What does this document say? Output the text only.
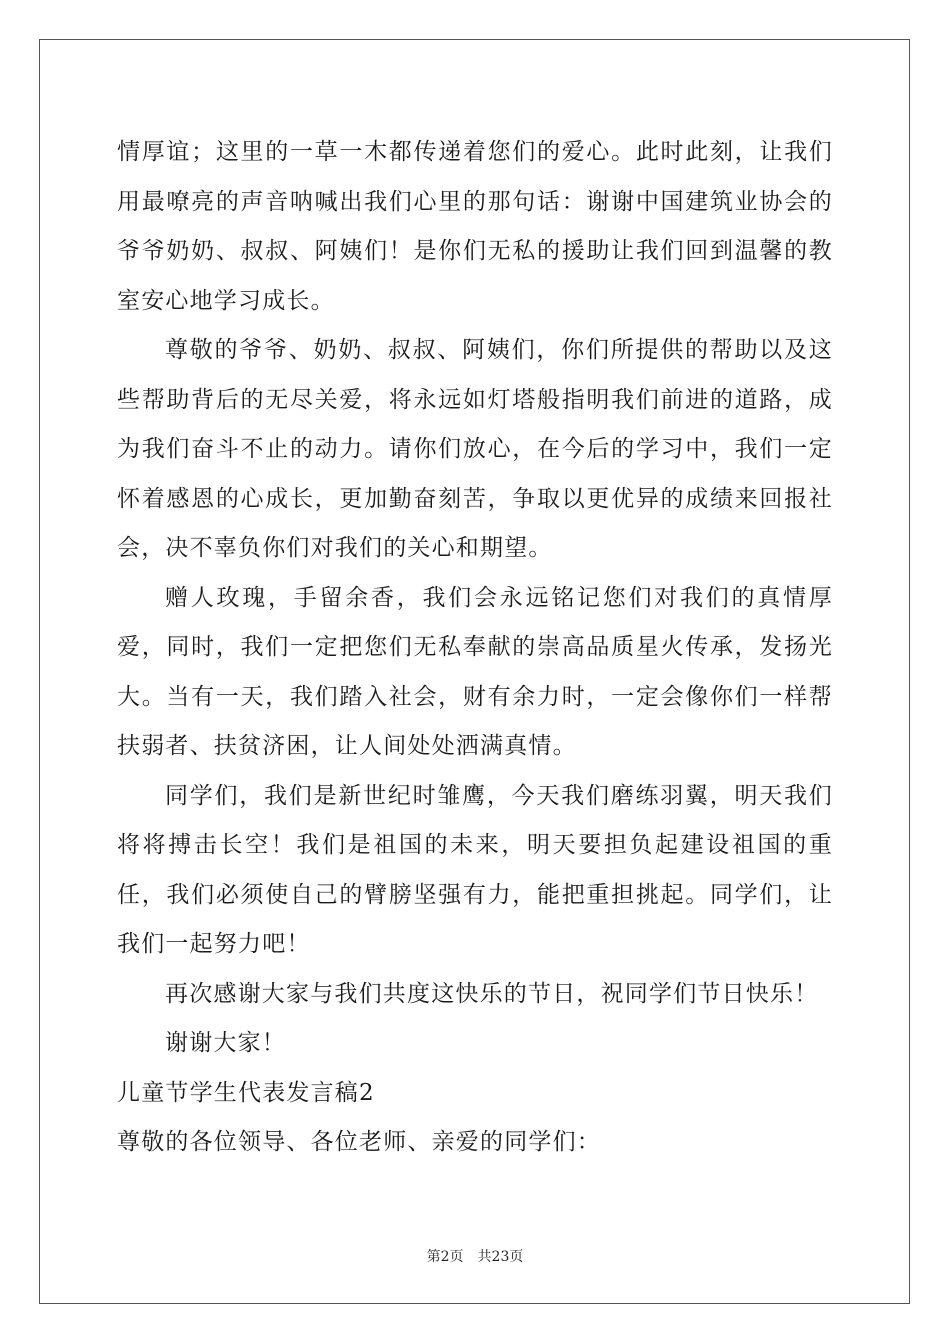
情厚谊；这里的一草一木都传递着您们的爱心。此时此刻，让我们用最嘹亮的声音呐喊出我们心里的那句话：谢谢中国建筑业协会的爷爷奶奶、叔叔、阿姨们！是你们无私的援助让我们回到温馨的教室安心地学习成长。

尊敬的爷爷、奶奶、叔叔、阿姨们，你们所提供的帮助以及这些帮助背后的无尽关爱，将永远如灯塔般指明我们前进的道路，成为我们奋斗不止的动力。请你们放心，在今后的学习中，我们一定怀着感恩的心成长，更加勤奋刻苦，争取以更优异的成绩来回报社会，决不辜负你们对我们的关心和期望。

赠人玫瑰，手留余香，我们会永远铭记您们对我们的真情厚爱，同时，我们一定把您们无私奉献的崇高品质星火传承，发扬光大。当有一天，我们踏入社会，财有余力时，一定会像你们一样帮扶弱者、扶贫济困，让人间处处洒满真情。

同学们，我们是新世纪时雏鹰，今天我们磨练羽翼，明天我们将将搏击长空！我们是祖国的未来，明天要担负起建设祖国的重任，我们必须使自己的臂膀坚强有力，能把重担挑起。同学们，让我们一起努力吧！

再次感谢大家与我们共度这快乐的节日，祝同学们节日快乐！

谢谢大家！

儿童节学生代表发言稿2

尊敬的各位领导、各位老师、亲爱的同学们：

第2页　共23页
